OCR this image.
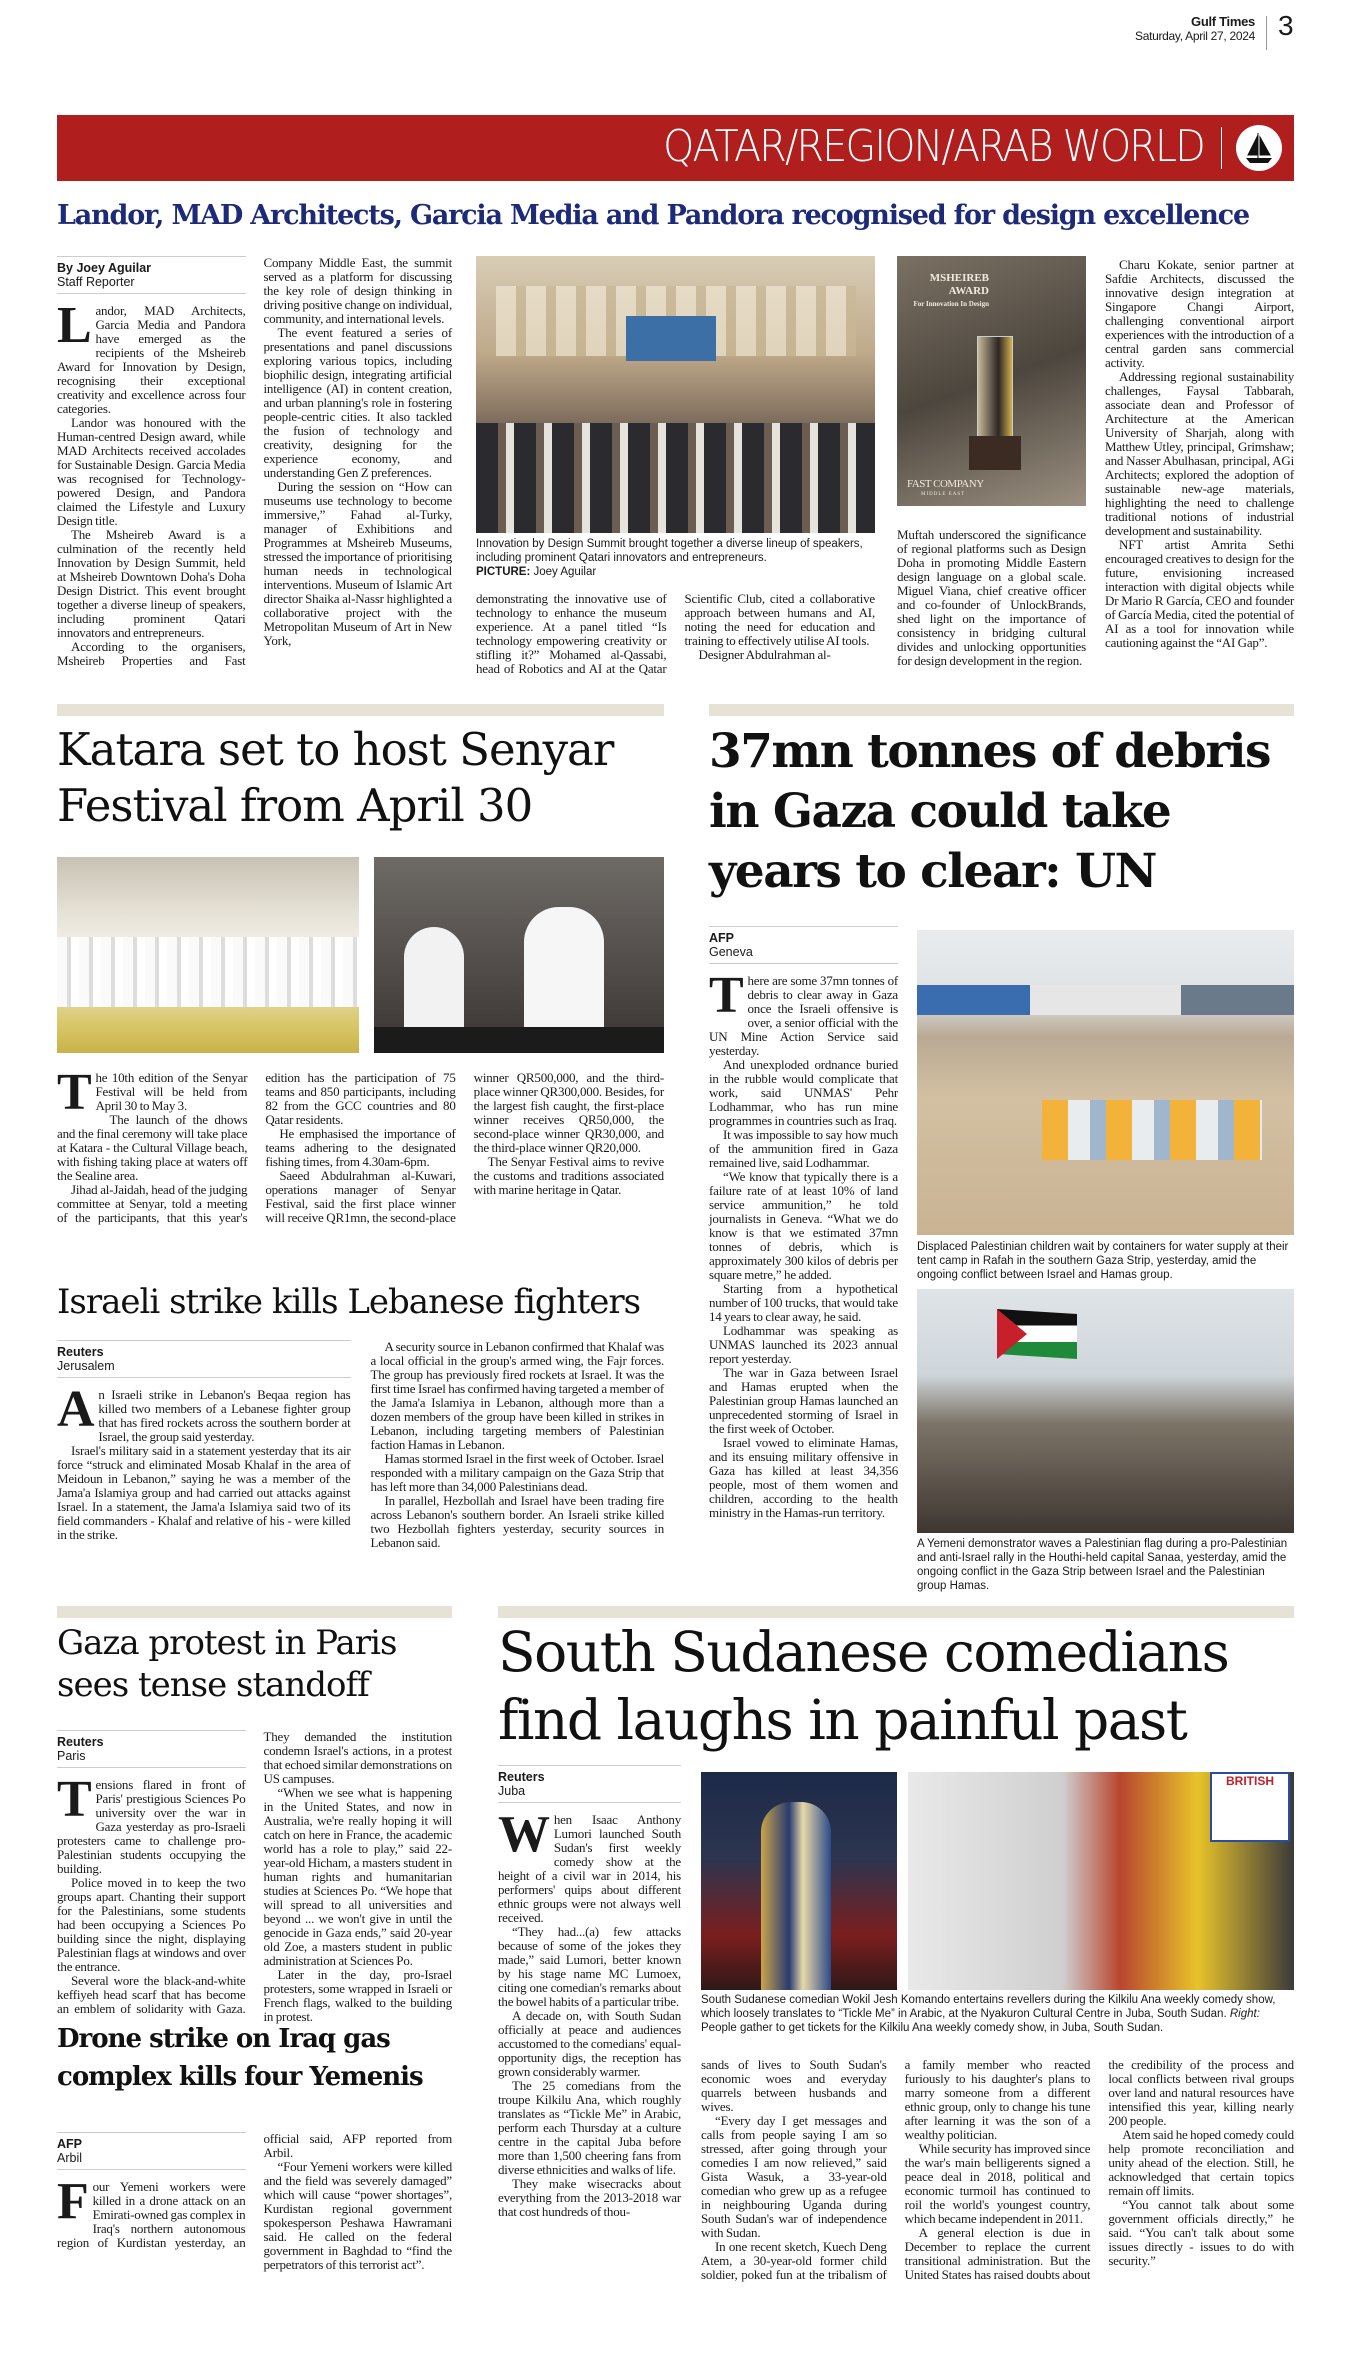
Gulf Times
Saturday, April 27, 2024 3
QATAR/REGION/ARAB WORLD
Landor, MAD Architects, Garcia Media and Pandora recognised for design excellence
By Joey Aguilar
Staff Reporter

Landor, MAD Architects, Garcia Media and Pandora have emerged as the recipients of the Msheireb Award for Innovation by Design, recognising their exceptional creativity and excellence across four categories.

Landor was honoured with the Human-centred Design award, while MAD Architects received accolades for Sustainable Design. Garcia Media was recognised for Technology-powered Design, and Pandora claimed the Lifestyle and Luxury Design title.

The Msheireb Award is a culmination of the recently held Innovation by Design Summit, held at Msheireb Downtown Doha's Doha Design District. This event brought together a diverse lineup of speakers, including prominent Qatari innovators and entrepreneurs.

According to the organisers, Msheireb Properties and Fast Company Middle East, the summit served as a platform for discussing the key role of design thinking in driving positive change on individual, community, and international levels.

The event featured a series of presentations and panel discussions exploring various topics, including biophilic design, integrating artificial intelligence (AI) in content creation, and urban planning's role in fostering people-centric cities. It also tackled the fusion of technology and creativity, designing for the experience economy, and understanding Gen Z preferences.

During the session on “How can museums use technology to become immersive,” Fahad al-Turky, manager of Exhibitions and Programmes at Msheireb Museums, stressed the importance of prioritising human needs in technological interventions. Museum of Islamic Art director Shaika al-Nassr highlighted a collaborative project with the Metropolitan Museum of Art in New York,

Innovation by Design Summit brought together a diverse lineup of speakers, including prominent Qatari innovators and entrepreneurs.
PICTURE: Joey Aguilar

demonstrating the innovative use of technology to enhance the museum experience. At a panel titled “Is technology empowering creativity or stifling it?” Mohamed al-Qassabi, head of Robotics and AI at the Qatar Scientific Club, cited a collaborative approach between humans and AI, noting the need for education and training to effectively utilise AI tools.

Designer Abdulrahman al-

MSHEIREB AWARD
For Innovation In Design
FAST COMPANY
MIDDLE EAST

Muftah underscored the significance of regional platforms such as Design Doha in promoting Middle Eastern design language on a global scale. Miguel Viana, chief creative officer and co-founder of UnlockBrands, shed light on the importance of consistency in bridging cultural divides and unlocking opportunities for design development in the region.

Charu Kokate, senior partner at Safdie Architects, discussed the innovative design integration at Singapore Changi Airport, challenging conventional airport experiences with the introduction of a central garden sans commercial activity.

Addressing regional sustainability challenges, Faysal Tabbarah, associate dean and Professor of Architecture at the American University of Sharjah, along with Matthew Utley, principal, Grimshaw; and Nasser Abulhasan, principal, AGi Architects; explored the adoption of sustainable new-age materials, highlighting the need to challenge traditional notions of industrial development and sustainability.

NFT artist Amrita Sethi encouraged creatives to design for the future, envisioning increased interaction with digital objects while Dr Mario R García, CEO and founder of García Media, cited the potential of AI as a tool for innovation while cautioning against the “AI Gap”.

Katara set to host Senyar Festival from April 30

The 10th edition of the Senyar Festival will be held from April 30 to May 3.

The launch of the dhows and the final ceremony will take place at Katara - the Cultural Village beach, with fishing taking place at waters off the Sealine area.

Jihad al-Jaidah, head of the judging committee at Senyar, told a meeting of the participants, that this year's edition has the participation of 75 teams and 850 participants, including 82 from the GCC countries and 80 Qatar residents.

He emphasised the importance of teams adhering to the designated fishing times, from 4.30am-6pm.

Saeed Abdulrahman al-Kuwari, operations manager of Senyar Festival, said the first place winner will receive QR1mn, the second-place winner QR500,000, and the third-place winner QR300,000. Besides, for the largest fish caught, the first-place winner receives QR50,000, the second-place winner QR30,000, and the third-place winner QR20,000.

The Senyar Festival aims to revive the customs and traditions associated with marine heritage in Qatar.

Israeli strike kills Lebanese fighters
Reuters
Jerusalem

An Israeli strike in Lebanon's Beqaa region has killed two members of a Lebanese fighter group that has fired rockets across the southern border at Israel, the group said yesterday.

Israel's military said in a statement yesterday that its air force “struck and eliminated Mosab Khalaf in the area of Meidoun in Lebanon,” saying he was a member of the Jama'a Islamiya group and had carried out attacks against Israel. In a statement, the Jama'a Islamiya said two of its field commanders - Khalaf and relative of his - were killed in the strike.

A security source in Lebanon confirmed that Khalaf was a local official in the group's armed wing, the Fajr forces. The group has previously fired rockets at Israel. It was the first time Israel has confirmed having targeted a member of the Jama'a Islamiya in Lebanon, although more than a dozen members of the group have been killed in strikes in Lebanon, including targeting members of Palestinian faction Hamas in Lebanon.

Hamas stormed Israel in the first week of October. Israel responded with a military campaign on the Gaza Strip that has left more than 34,000 Palestinians dead.

In parallel, Hezbollah and Israel have been trading fire across Lebanon's southern border. An Israeli strike killed two Hezbollah fighters yesterday, security sources in Lebanon said.

37mn tonnes of debris in Gaza could take years to clear: UN
AFP
Geneva

There are some 37mn tonnes of debris to clear away in Gaza once the Israeli offensive is over, a senior official with the UN Mine Action Service said yesterday.

And unexploded ordnance buried in the rubble would complicate that work, said UNMAS' Pehr Lodhammar, who has run mine programmes in countries such as Iraq.

It was impossible to say how much of the ammunition fired in Gaza remained live, said Lodhammar.

“We know that typically there is a failure rate of at least 10% of land service ammunition,” he told journalists in Geneva. “What we do know is that we estimated 37mn tonnes of debris, which is approximately 300 kilos of debris per square metre,” he added.

Starting from a hypothetical number of 100 trucks, that would take 14 years to clear away, he said.

Lodhammar was speaking as UNMAS launched its 2023 annual report yesterday.

The war in Gaza between Israel and Hamas erupted when the Palestinian group Hamas launched an unprecedented storming of Israel in the first week of October.

Israel vowed to eliminate Hamas, and its ensuing military offensive in Gaza has killed at least 34,356 people, most of them women and children, according to the health ministry in the Hamas-run territory.

Displaced Palestinian children wait by containers for water supply at their tent camp in Rafah in the southern Gaza Strip, yesterday, amid the ongoing conflict between Israel and Hamas group.
A Yemeni demonstrator waves a Palestinian flag during a pro-Palestinian and anti-Israel rally in the Houthi-held capital Sanaa, yesterday, amid the ongoing conflict in the Gaza Strip between Israel and the Palestinian group Hamas.
Gaza protest in Paris sees tense standoff
Reuters
Paris

Tensions flared in front of Paris' prestigious Sciences Po university over the war in Gaza yesterday as pro-Israeli protesters came to challenge pro-Palestinian students occupying the building.

Police moved in to keep the two groups apart. Chanting their support for the Palestinians, some students had been occupying a Sciences Po building since the night, displaying Palestinian flags at windows and over the entrance.

Several wore the black-and-white keffiyeh head scarf that has become an emblem of solidarity with Gaza. They demanded the institution condemn Israel's actions, in a protest that echoed similar demonstrations on US campuses.

“When we see what is happening in the United States, and now in Australia, we're really hoping it will catch on here in France, the academic world has a role to play,” said 22-year-old Hicham, a masters student in human rights and humanitarian studies at Sciences Po. “We hope that will spread to all universities and beyond ... we won't give in until the genocide in Gaza ends,” said 20-year old Zoe, a masters student in public administration at Sciences Po.

Later in the day, pro-Israel protesters, some wrapped in Israeli or French flags, walked to the building in protest.

Drone strike on Iraq gas complex kills four Yemenis
AFP
Arbil

Four Yemeni workers were killed in a drone attack on an Emirati-owned gas complex in Iraq's northern autonomous region of Kurdistan yesterday, an official said, AFP reported from Arbil.

“Four Yemeni workers were killed and the field was severely damaged” which will cause “power shortages”, Kurdistan regional government spokesperson Peshawa Hawramani said. He called on the federal government in Baghdad to “find the perpetrators of this terrorist act”.

South Sudanese comedians find laughs in painful past
Reuters
Juba

When Isaac Anthony Lumori launched South Sudan's first weekly comedy show at the height of a civil war in 2014, his performers' quips about different ethnic groups were not always well received.

“They had...(a) few attacks because of some of the jokes they made,” said Lumori, better known by his stage name MC Lumoex, citing one comedian's remarks about the bowel habits of a particular tribe.

A decade on, with South Sudan officially at peace and audiences accustomed to the comedians' equal-opportunity digs, the reception has grown considerably warmer.

The 25 comedians from the troupe Kilkilu Ana, which roughly translates as “Tickle Me” in Arabic, perform each Thursday at a culture centre in the capital Juba before more than 1,500 cheering fans from diverse ethnicities and walks of life.

They make wisecracks about everything from the 2013-2018 war that cost hundreds of thou-

BRITISH
South Sudanese comedian Wokil Jesh Komando entertains revellers during the Kilkilu Ana weekly comedy show, which loosely translates to “Tickle Me” in Arabic, at the Nyakuron Cultural Centre in Juba, South Sudan. Right: People gather to get tickets for the Kilkilu Ana weekly comedy show, in Juba, South Sudan.

sands of lives to South Sudan's economic woes and everyday quarrels between husbands and wives.

“Every day I get messages and calls from people saying I am so stressed, after going through your comedies I am now relieved,” said Gista Wasuk, a 33-year-old comedian who grew up as a refugee in neighbouring Uganda during South Sudan's war of independence with Sudan.

In one recent sketch, Kuech Deng Atem, a 30-year-old former child soldier, poked fun at the tribalism of a family member who reacted furiously to his daughter's plans to marry someone from a different ethnic group, only to change his tune after learning it was the son of a wealthy politician.

While security has improved since the war's main belligerents signed a peace deal in 2018, political and economic turmoil has continued to roil the world's youngest country, which became independent in 2011.

A general election is due in December to replace the current transitional administration. But the United States has raised doubts about the credibility of the process and local conflicts between rival groups over land and natural resources have intensified this year, killing nearly 200 people.

Atem said he hoped comedy could help promote reconciliation and unity ahead of the election. Still, he acknowledged that certain topics remain off limits.

“You cannot talk about some government officials directly,” he said. “You can't talk about some issues directly - issues to do with security.”
